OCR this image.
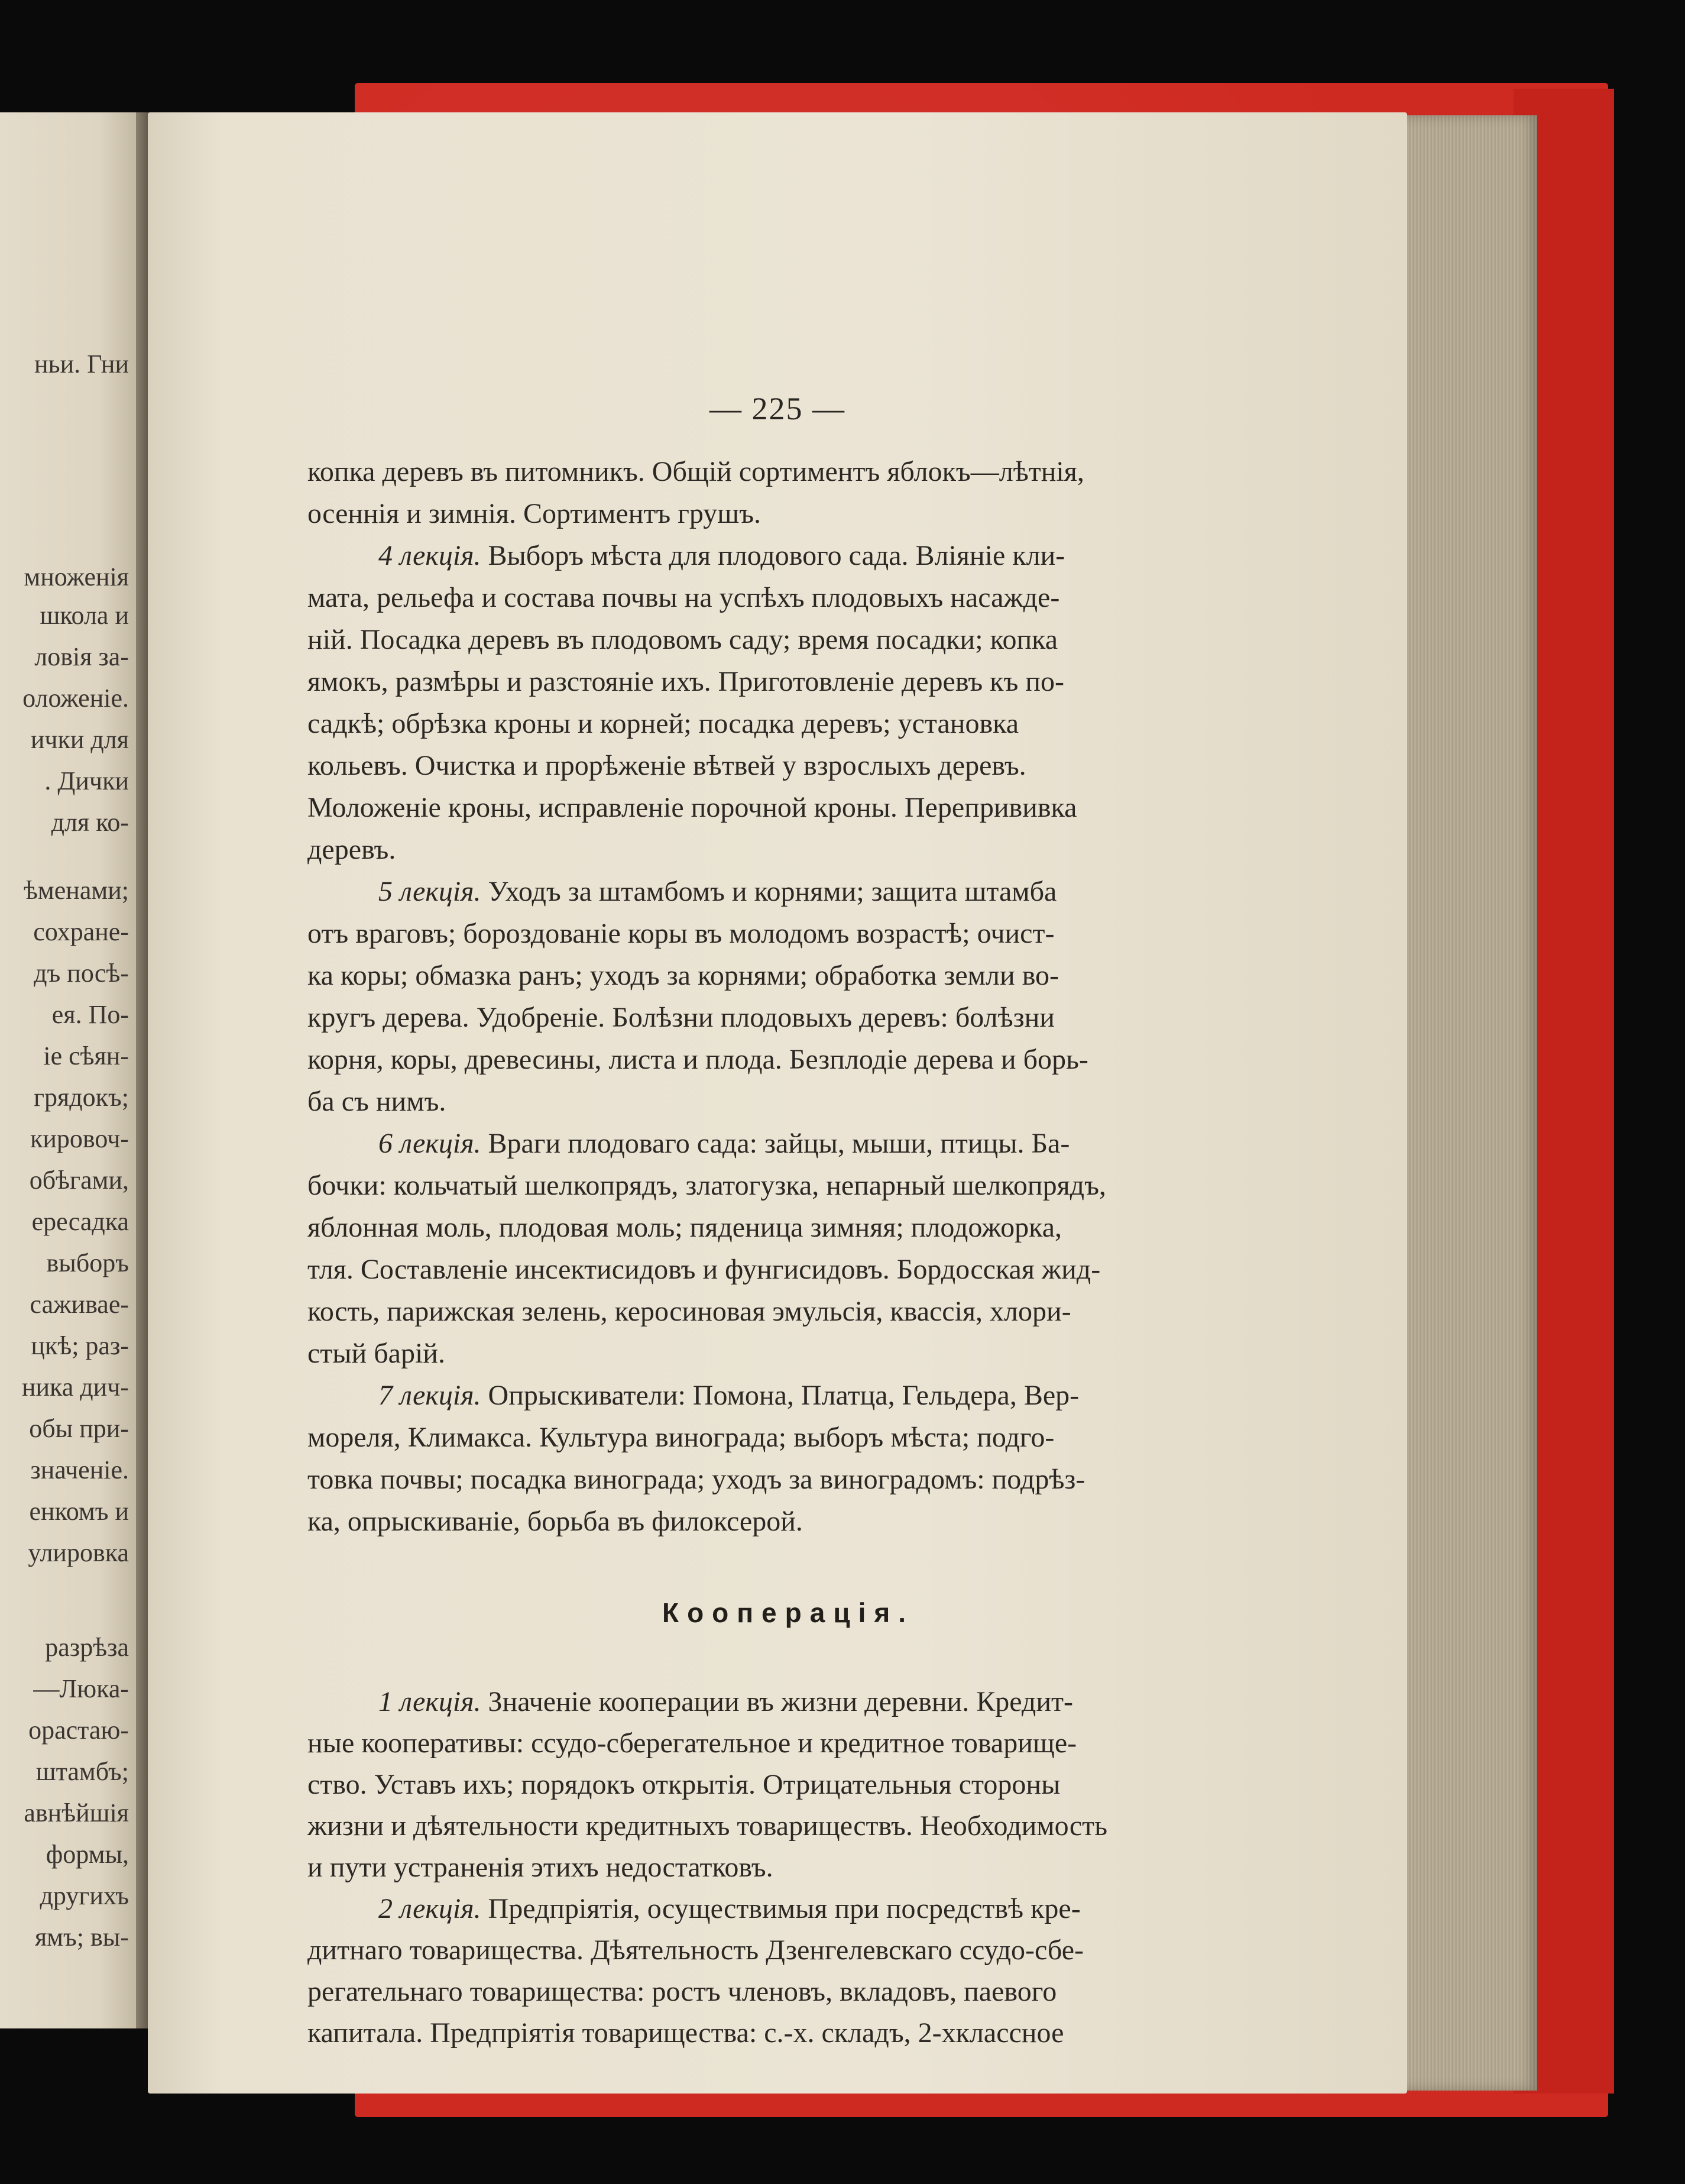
ньи. Гни
множенія
школа и
ловія за-
оложеніе.
ички для
. Дички
для ко-
ѣменами;
сохране-
дъ посѣ-
ея. По-
іе сѣян-
грядокъ;
кировоч-
обѣгами,
ересадка
выборъ
саживае-
цкѣ; раз-
ника дич-
обы при-
значеніе.
енкомъ и
улировка
разрѣза
—Люка-
орастаю-
штамбъ;
авнѣйшія
формы,
другихъ
ямъ; вы-
— 225 —
копка деревъ въ питомникъ. Общій сортиментъ яблокъ—лѣтнія,
осеннія и зимнія. Сортиментъ грушъ.
4 лекція. Выборъ мѣста для плодового сада. Вліяніе кли-
мата, рельефа и состава почвы на успѣхъ плодовыхъ насажде-
ній. Посадка деревъ въ плодовомъ саду; время посадки; копка
ямокъ, размѣры и разстояніе ихъ. Приготовленіе деревъ къ по-
садкѣ; обрѣзка кроны и корней; посадка деревъ; установка
кольевъ. Очистка и прорѣженіе вѣтвей у взрослыхъ деревъ.
Моложеніе кроны, исправленіе порочной кроны. Перепрививка
деревъ.
5 лекція. Уходъ за штамбомъ и корнями; защита штамба
отъ враговъ; бороздованіе коры въ молодомъ возрастѣ; очист-
ка коры; обмазка ранъ; уходъ за корнями; обработка земли во-
кругъ дерева. Удобреніе. Болѣзни плодовыхъ деревъ: болѣзни
корня, коры, древесины, листа и плода. Безплодіе дерева и борь-
ба съ нимъ.
6 лекція. Враги плодоваго сада: зайцы, мыши, птицы. Ба-
бочки: кольчатый шелкопрядъ, златогузка, непарный шелкопрядъ,
яблонная моль, плодовая моль; пяденица зимняя; плодожорка,
тля. Составленіе инсектисидовъ и фунгисидовъ. Бордосская жид-
кость, парижская зелень, керосиновая эмульсія, квассія, хлори-
стый барій.
7 лекція. Опрыскиватели: Помона, Платца, Гельдера, Вер-
мореля, Климакса. Культура винограда; выборъ мѣста; подго-
товка почвы; посадка винограда; уходъ за виноградомъ: подрѣз-
ка, опрыскиваніе, борьба въ филоксерой.
Кооперація.
1 лекція. Значеніе кооперации въ жизни деревни. Кредит-
ные кооперативы: ссудо-сберегательное и кредитное товарище-
ство. Уставъ ихъ; порядокъ открытія. Отрицательныя стороны
жизни и дѣятельности кредитныхъ товариществъ. Необходимость
и пути устраненія этихъ недостатковъ.
2 лекція. Предпріятія, осуществимыя при посредствѣ кре-
дитнаго товарищества. Дѣятельность Дзенгелевскаго ссудо-сбе-
регательнаго товарищества: ростъ членовъ, вкладовъ, паевого
капитала. Предпріятія товарищества: с.-х. складъ, 2-хклассное
